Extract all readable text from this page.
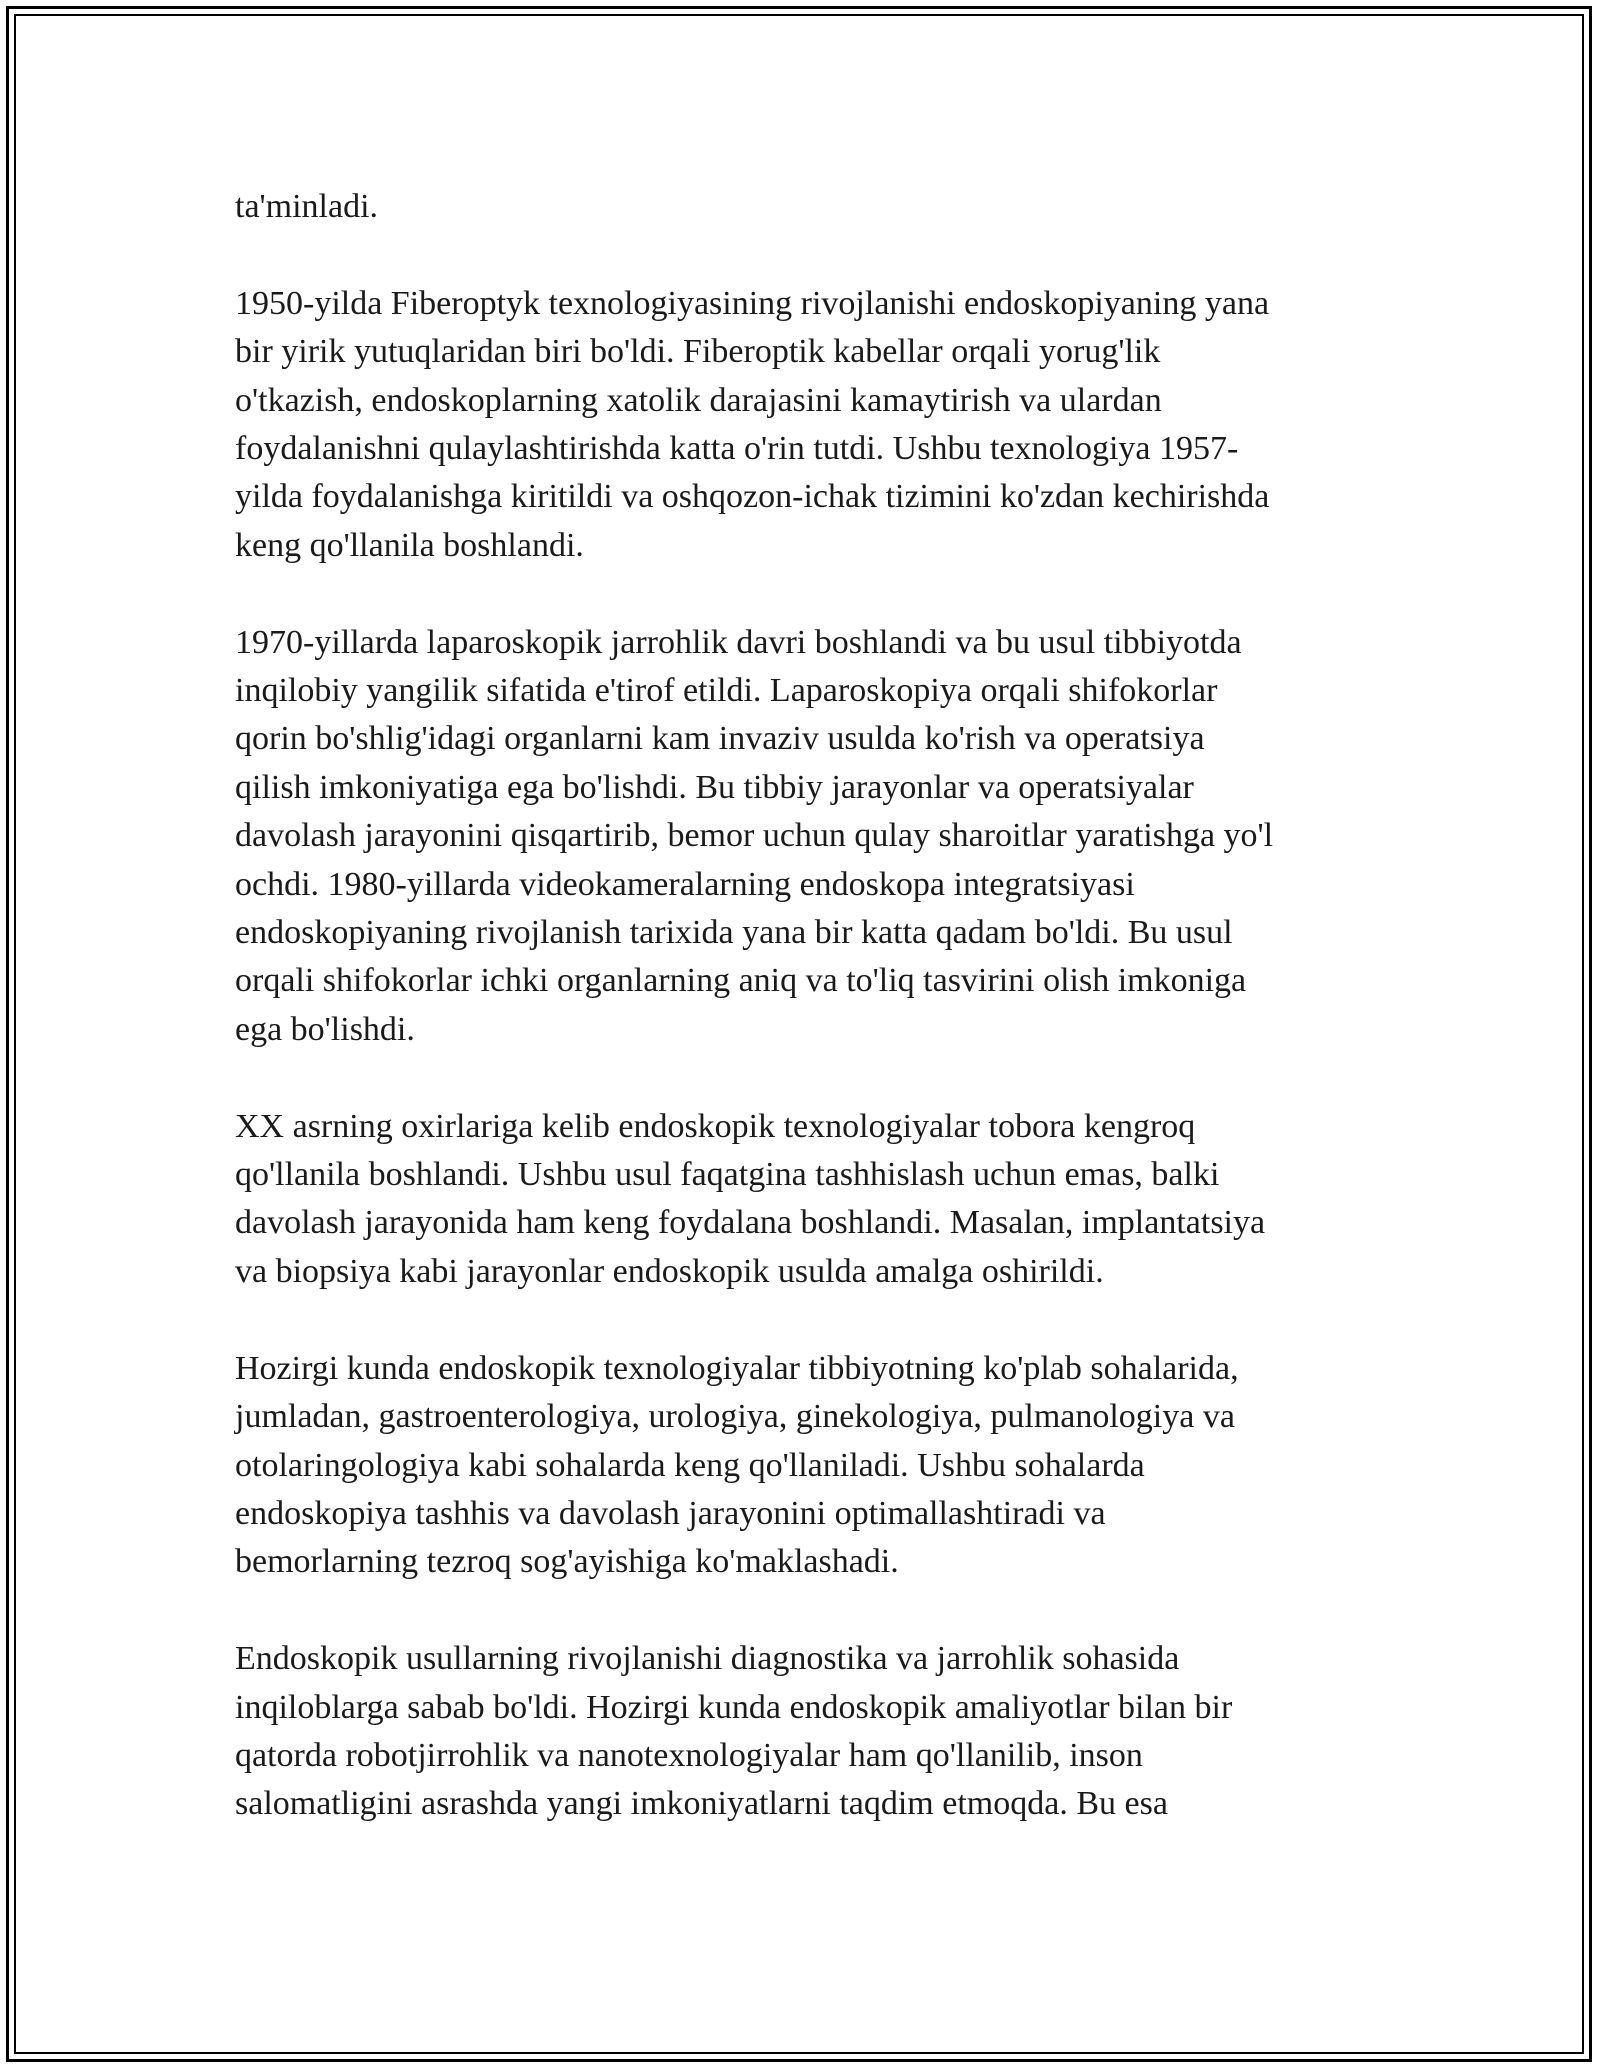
ta'minladi.

1950-yilda Fiberoptyk texnologiyasining rivojlanishi endoskopiyaning yana
bir yirik yutuqlaridan biri bo'ldi. Fiberoptik kabellar orqali yorug'lik
o'tkazish, endoskoplarning xatolik darajasini kamaytirish va ulardan
foydalanishni qulaylashtirishda katta o'rin tutdi. Ushbu texnologiya 1957-
yilda foydalanishga kiritildi va oshqozon-ichak tizimini ko'zdan kechirishda
keng qo'llanila boshlandi.

1970-yillarda laparoskopik jarrohlik davri boshlandi va bu usul tibbiyotda
inqilobiy yangilik sifatida e'tirof etildi. Laparoskopiya orqali shifokorlar
qorin bo'shlig'idagi organlarni kam invaziv usulda ko'rish va operatsiya
qilish imkoniyatiga ega bo'lishdi. Bu tibbiy jarayonlar va operatsiyalar
davolash jarayonini qisqartirib, bemor uchun qulay sharoitlar yaratishga yo'l
ochdi. 1980-yillarda videokameralarning endoskopa integratsiyasi
endoskopiyaning rivojlanish tarixida yana bir katta qadam bo'ldi. Bu usul
orqali shifokorlar ichki organlarning aniq va to'liq tasvirini olish imkoniga
ega bo'lishdi.

XX asrning oxirlariga kelib endoskopik texnologiyalar tobora kengroq
qo'llanila boshlandi. Ushbu usul faqatgina tashhislash uchun emas, balki
davolash jarayonida ham keng foydalana boshlandi. Masalan, implantatsiya
va biopsiya kabi jarayonlar endoskopik usulda amalga oshirildi.

Hozirgi kunda endoskopik texnologiyalar tibbiyotning ko'plab sohalarida,
jumladan, gastroenterologiya, urologiya, ginekologiya, pulmanologiya va
otolaringologiya kabi sohalarda keng qo'llaniladi. Ushbu sohalarda
endoskopiya tashhis va davolash jarayonini optimallashtiradi va
bemorlarning tezroq sog'ayishiga ko'maklashadi.

Endoskopik usullarning rivojlanishi diagnostika va jarrohlik sohasida
inqiloblarga sabab bo'ldi. Hozirgi kunda endoskopik amaliyotlar bilan bir
qatorda robotjirrohlik va nanotexnologiyalar ham qo'llanilib, inson
salomatligini asrashda yangi imkoniyatlarni taqdim etmoqda. Bu esa
